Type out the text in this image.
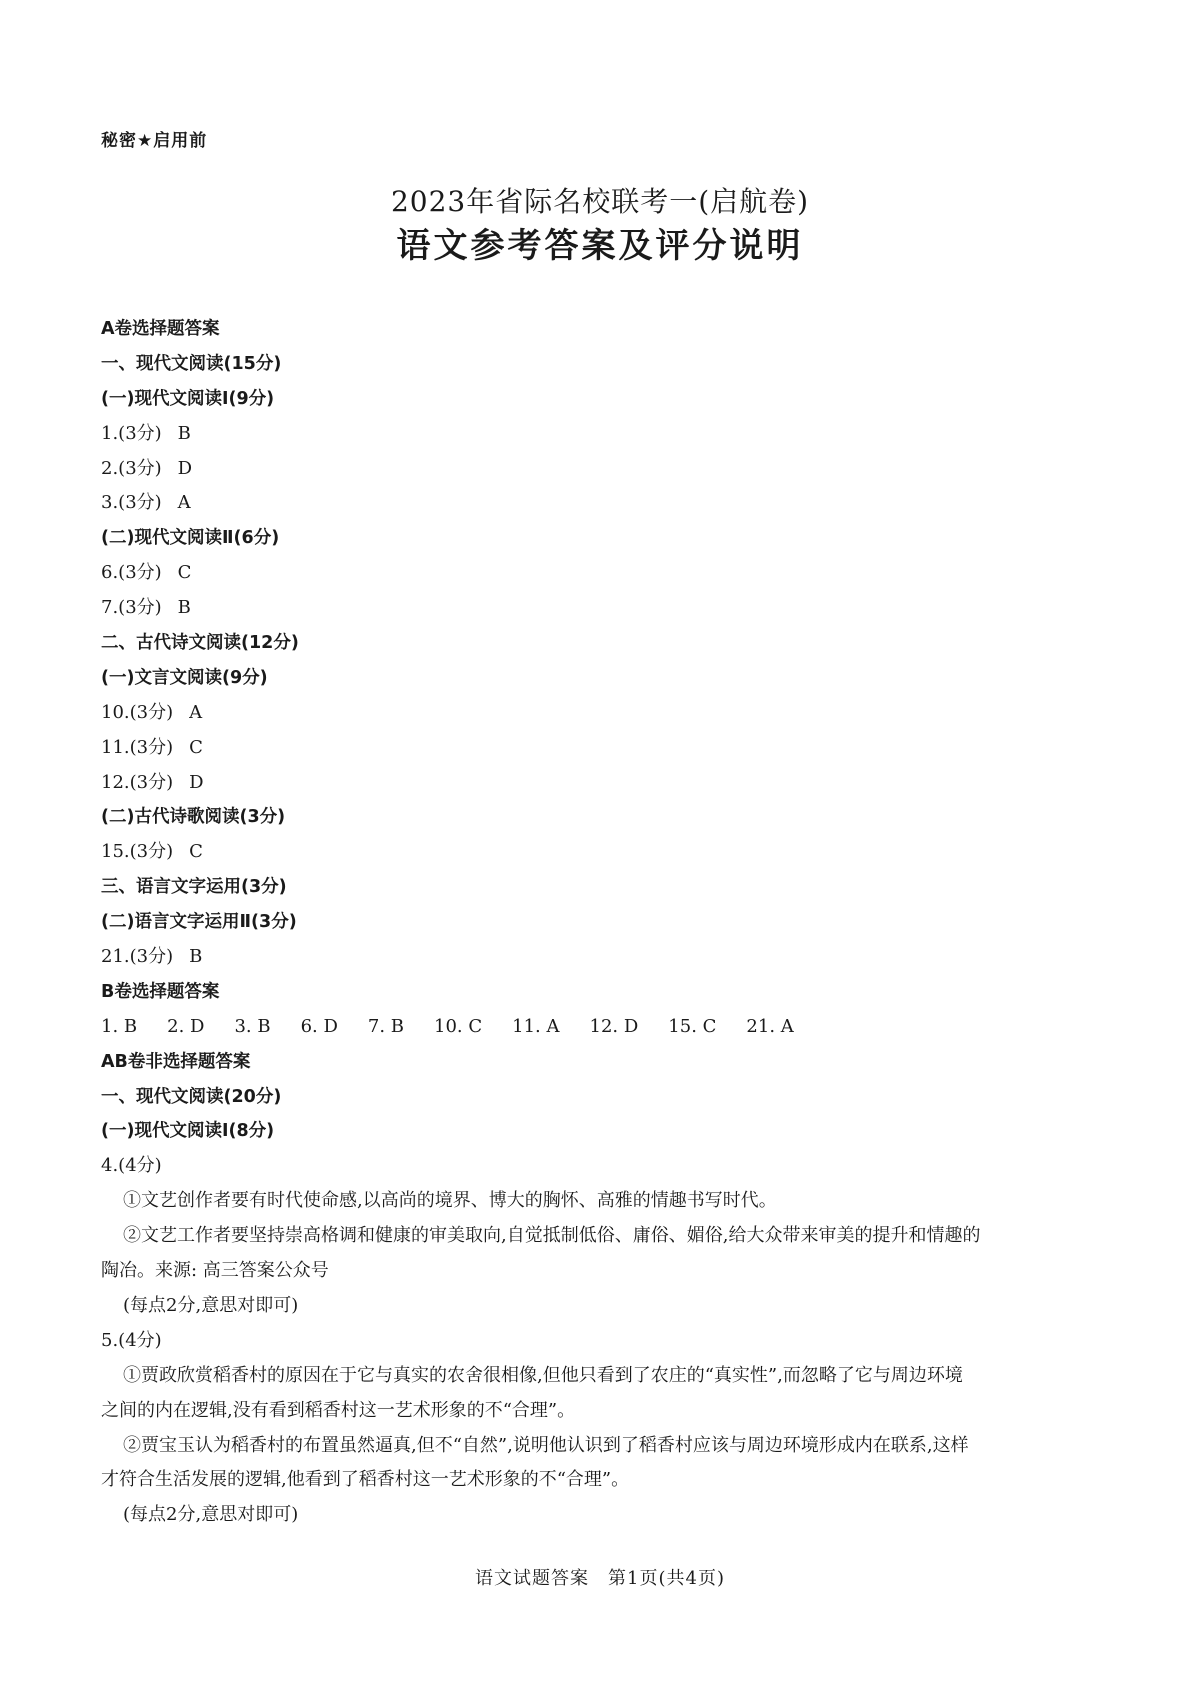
秘密★启用前
2023年省际名校联考一(启航卷)
语文参考答案及评分说明
A卷选择题答案
一、现代文阅读(15分)
(一)现代文阅读Ⅰ(9分)
1.(3分) B
2.(3分) D
3.(3分) A
(二)现代文阅读Ⅱ(6分)
6.(3分) C
7.(3分) B
二、古代诗文阅读(12分)
(一)文言文阅读(9分)
10.(3分) A
11.(3分) C
12.(3分) D
(二)古代诗歌阅读(3分)
15.(3分) C
三、语言文字运用(3分)
(二)语言文字运用Ⅱ(3分)
21.(3分) B
B卷选择题答案
1. B 2. D 3. B 6. D 7. B 10. C 11. A 12. D 15. C 21. A
AB卷非选择题答案
一、现代文阅读(20分)
(一)现代文阅读Ⅰ(8分)
4.(4分)
①文艺创作者要有时代使命感,以高尚的境界、博大的胸怀、高雅的情趣书写时代。
②文艺工作者要坚持崇高格调和健康的审美取向,自觉抵制低俗、庸俗、媚俗,给大众带来审美的提升和情趣的
陶冶。来源: 高三答案公众号
(每点2分,意思对即可)
5.(4分)
①贾政欣赏稻香村的原因在于它与真实的农舍很相像,但他只看到了农庄的“真实性”,而忽略了它与周边环境
之间的内在逻辑,没有看到稻香村这一艺术形象的不“合理”。
②贾宝玉认为稻香村的布置虽然逼真,但不“自然”,说明他认识到了稻香村应该与周边环境形成内在联系,这样
才符合生活发展的逻辑,他看到了稻香村这一艺术形象的不“合理”。
(每点2分,意思对即可)
语文试题答案　第1页(共4页)
